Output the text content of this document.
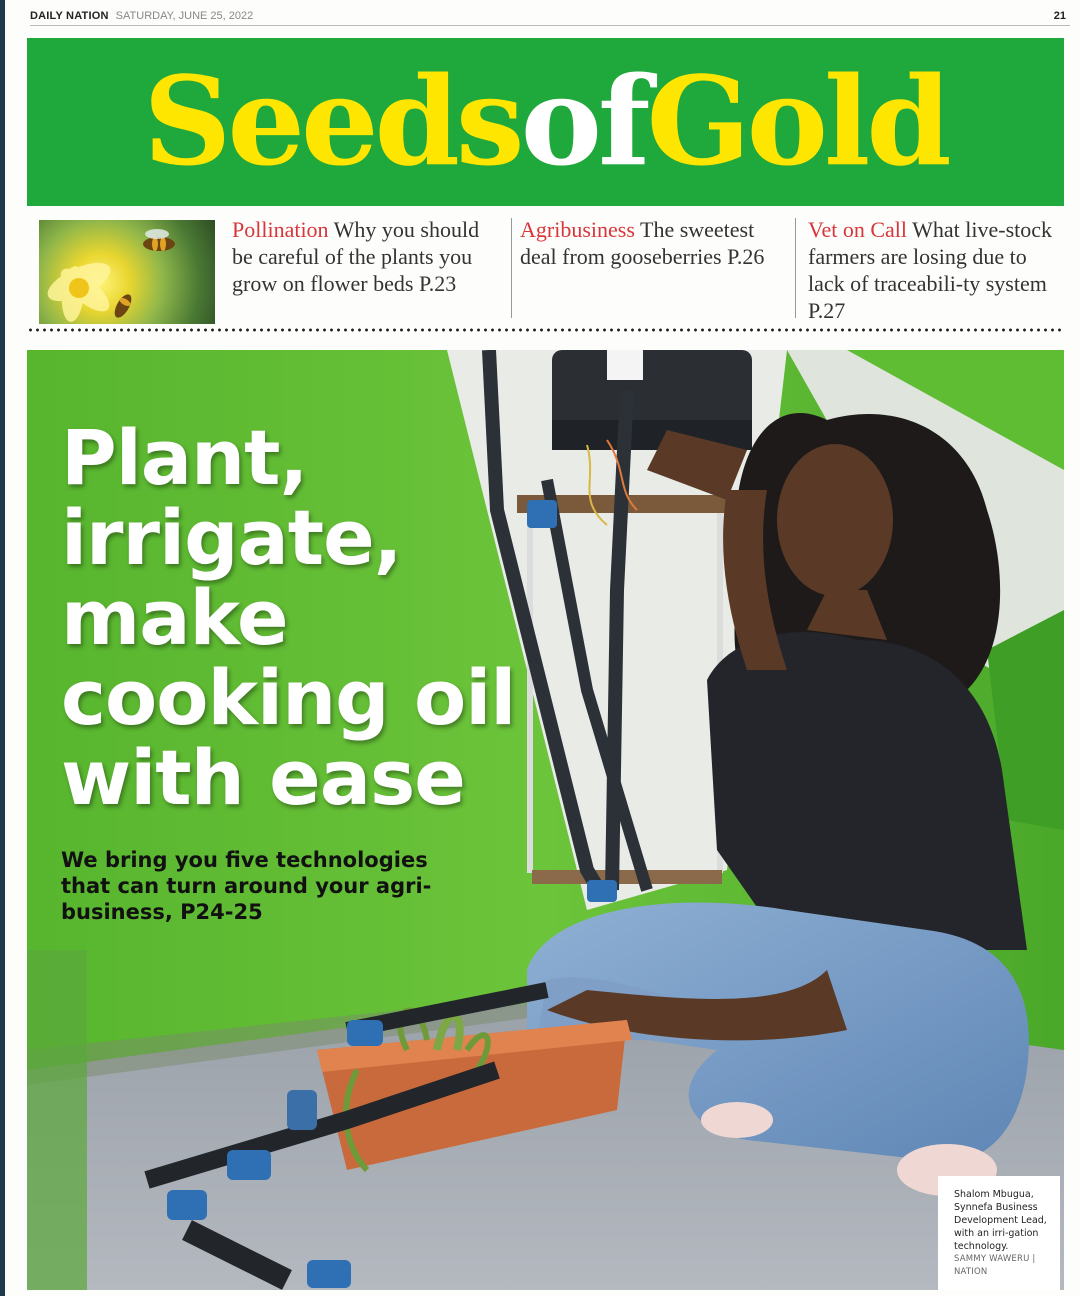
DAILY NATION SATURDAY, JUNE 25, 2022	21
SeedsofGold
Pollination Why you should be careful of the plants you grow on flower beds P.23
Agribusiness The sweetest deal from gooseberries P.26
Vet on Call What live-stock farmers are losing due to lack of traceabili-ty system P.27
Plant,
irrigate,
make
cooking oil
with ease
We bring you five technologies
that can turn around your agri-
business, P24-25
Shalom Mbugua, Synnefa Business Development Lead, with an irri-gation technology.
SAMMY WAWERU | NATION
